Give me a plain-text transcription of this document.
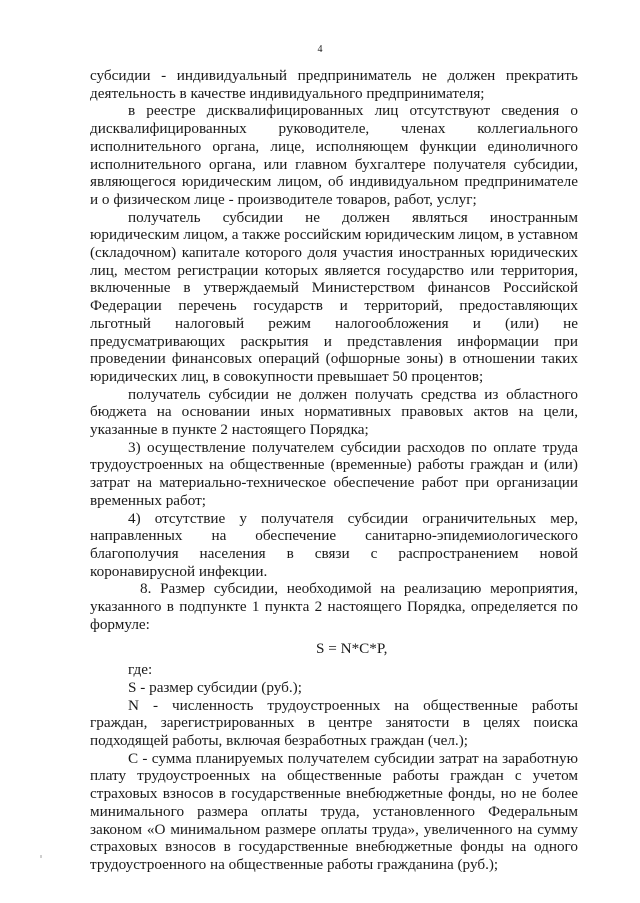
4

субсидии - индивидуальный предприниматель не должен прекратить деятельность в качестве индивидуального предпринимателя;

в реестре дисквалифицированных лиц отсутствуют сведения о дисквалифицированных руководителе, членах коллегиального исполнительного органа, лице, исполняющем функции единоличного исполнительного органа, или главном бухгалтере получателя субсидии, являющегося юридическим лицом, об индивидуальном предпринимателе и о физическом лице - производителе товаров, работ, услуг;

получатель субсидии не должен являться иностранным юридическим лицом, а также российским юридическим лицом, в уставном (складочном) капитале которого доля участия иностранных юридических лиц, местом регистрации которых является государство или территория, включенные в утверждаемый Министерством финансов Российской Федерации перечень государств и территорий, предоставляющих льготный налоговый режим налогообложения и (или) не предусматривающих раскрытия и представления информации при проведении финансовых операций (офшорные зоны) в отношении таких юридических лиц, в совокупности превышает 50 процентов;

получатель субсидии не должен получать средства из областного бюджета на основании иных нормативных правовых актов на цели, указанные в пункте 2 настоящего Порядка;

3) осуществление получателем субсидии расходов по оплате труда трудоустроенных на общественные (временные) работы граждан и (или) затрат на материально-техническое обеспечение работ при организации временных работ;

4) отсутствие у получателя субсидии ограничительных мер, направленных на обеспечение санитарно-эпидемиологического благополучия населения в связи с распространением новой коронавирусной инфекции.

8. Размер субсидии, необходимой на реализацию мероприятия, указанного в подпункте 1 пункта 2 настоящего Порядка, определяется по формуле:

S = N*C*P,

где:

S - размер субсидии (руб.);

N - численность трудоустроенных на общественные работы граждан, зарегистрированных в центре занятости в целях поиска подходящей работы, включая безработных граждан (чел.);

С - сумма планируемых получателем субсидии затрат на заработную плату трудоустроенных на общественные работы граждан с учетом страховых взносов в государственные внебюджетные фонды, но не более минимального размера оплаты труда, установленного Федеральным законом «О минимальном размере оплаты труда», увеличенного на сумму страховых взносов в государственные внебюджетные фонды на одного трудоустроенного на общественные работы гражданина (руб.);
